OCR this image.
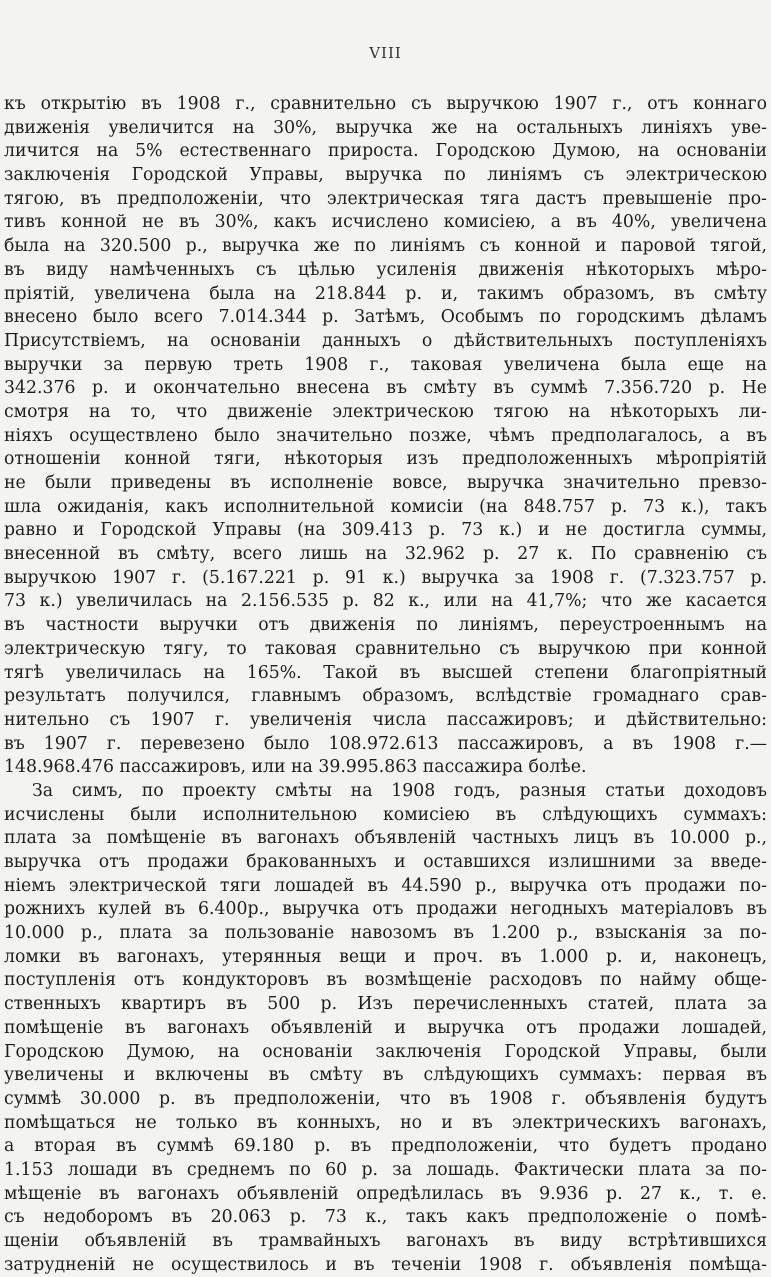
VIII
къ открытію въ 1908 г., сравнительно съ выручкою 1907 г., отъ коннаго
движенія увеличится на 30%, выручка же на остальныхъ линіяхъ уве-
личится на 5% естественнаго прироста. Городскою Думою, на основаніи
заключенія Городской Управы, выручка по линіямъ съ электрическою
тягою, въ предположеніи, что электрическая тяга дастъ превышеніе про-
тивъ конной не въ 30%, какъ исчислено комисіею, а въ 40%, увеличена
была на 320.500 р., выручка же по линіямъ съ конной и паровой тягой,
въ виду намѣченныхъ съ цѣлью усиленія движенія нѣкоторыхъ мѣро-
пріятій, увеличена была на 218.844 р. и, такимъ образомъ, въ смѣту
внесено было всего 7.014.344 р. Затѣмъ, Особымъ по городскимъ дѣламъ
Присутствіемъ, на основаніи данныхъ о дѣйствительныхъ поступленіяхъ
выручки за первую треть 1908 г., таковая увеличена была еще на
342.376 р. и окончательно внесена въ смѣту въ суммѣ 7.356.720 р. Не
смотря на то, что движеніе электрическою тягою на нѣкоторыхъ ли-
ніяхъ осуществлено было значительно позже, чѣмъ предполагалось, а въ
отношеніи конной тяги, нѣкоторыя изъ предположенныхъ мѣропріятій
не были приведены въ исполненіе вовсе, выручка значительно превзо-
шла ожиданія, какъ исполнительной комисіи (на 848.757 р. 73 к.), такъ
равно и Городской Управы (на 309.413 р. 73 к.) и не достигла суммы,
внесенной въ смѣту, всего лишь на 32.962 р. 27 к. По сравненію съ
выручкою 1907 г. (5.167.221 р. 91 к.) выручка за 1908 г. (7.323.757 р.
73 к.) увеличилась на 2.156.535 р. 82 к., или на 41,7%; что же касается
въ частности выручки отъ движенія по линіямъ, переустроеннымъ на
электрическую тягу, то таковая сравнительно съ выручкою при конной
тягѣ увеличилась на 165%. Такой въ высшей степени благопріятный
результатъ получился, главнымъ образомъ, вслѣдствіе громаднаго срав-
нительно съ 1907 г. увеличенія числа пассажировъ; и дѣйствительно:
въ 1907 г. перевезено было 108.972.613 пассажировъ, а въ 1908 г.—
148.968.476 пассажировъ, или на 39.995.863 пассажира болѣе.
За симъ, по проекту смѣты на 1908 годъ, разныя статьи доходовъ
исчислены были исполнительною комисіею въ слѣдующихъ суммахъ:
плата за помѣщеніе въ вагонахъ объявленій частныхъ лицъ въ 10.000 р.,
выручка отъ продажи бракованныхъ и оставшихся излишними за введе-
ніемъ электрической тяги лошадей въ 44.590 р., выручка отъ продажи по-
рожнихъ кулей въ 6.400р., выручка отъ продажи негодныхъ матеріаловъ въ
10.000 р., плата за пользованіе навозомъ въ 1.200 р., взысканія за по-
ломки въ вагонахъ, утерянныя вещи и проч. въ 1.000 р. и, наконецъ,
поступленія отъ кондукторовъ въ возмѣщеніе расходовъ по найму обще-
ственныхъ квартиръ въ 500 р. Изъ перечисленныхъ статей, плата за
помѣщеніе въ вагонахъ объявленій и выручка отъ продажи лошадей,
Городскою Думою, на основаніи заключенія Городской Управы, были
увеличены и включены въ смѣту въ слѣдующихъ суммахъ: первая въ
суммѣ 30.000 р. въ предположеніи, что въ 1908 г. объявленія будутъ
помѣщаться не только въ конныхъ, но и въ электрическихъ вагонахъ,
а вторая въ суммѣ 69.180 р. въ предположеніи, что будетъ продано
1.153 лошади въ среднемъ по 60 р. за лошадь. Фактически плата за по-
мѣщеніе въ вагонахъ объявленій опредѣлилась въ 9.936 р. 27 к., т. е.
съ недоборомъ въ 20.063 р. 73 к., такъ какъ предположеніе о помѣ-
щеніи объявленій въ трамвайныхъ вагонахъ въ виду встрѣтившихся
затрудненій не осуществилось и въ теченіи 1908 г. объявленія помѣща-
